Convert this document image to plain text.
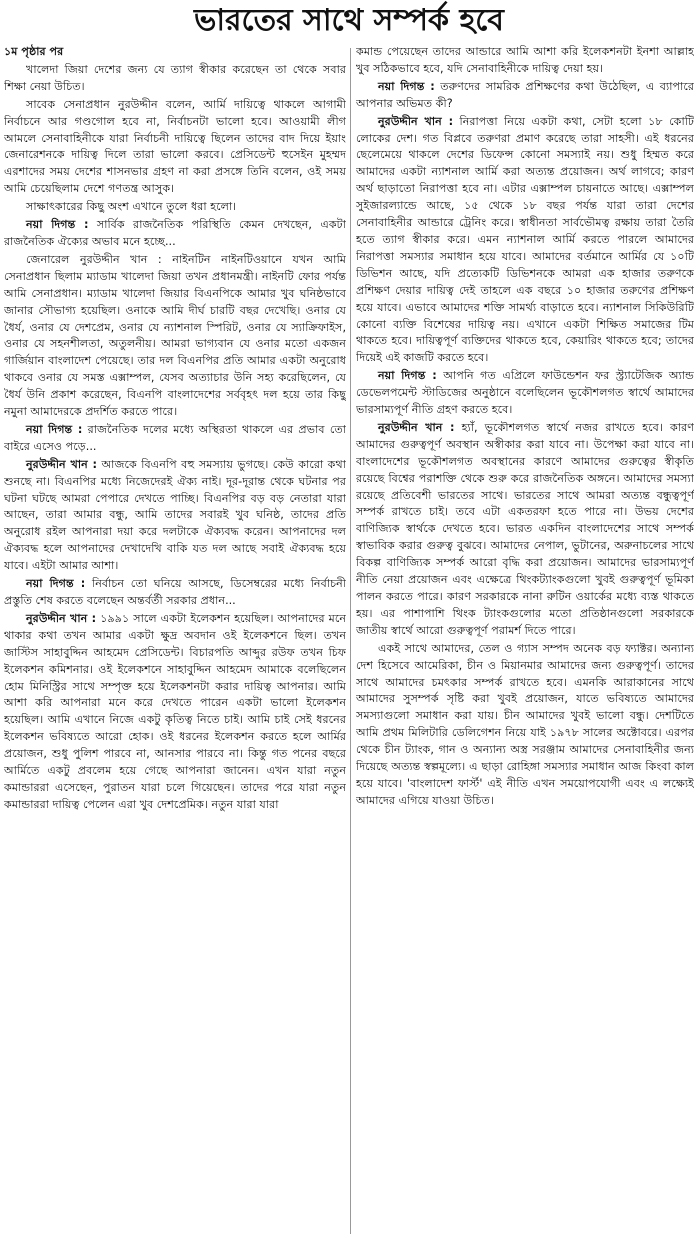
ভারতের সাথে সম্পর্ক হবে

১ম পৃষ্ঠার পর

খালেদা জিয়া দেশের জন্য যে ত্যাগ স্বীকার করেছেন তা থেকে সবার শিক্ষা নেয়া উচিত।

সাবেক সেনাপ্রধান নুরউদ্দীন বলেন, আর্মি দায়িত্বে থাকলে আগামী নির্বাচনে আর গণ্ডগোল হবে না, নির্বাচনটা ভালো হবে। আওয়ামী লীগ আমলে সেনাবাহিনীকে যারা নির্বাচনী দায়িত্বে ছিলেন তাদের বাদ দিয়ে ইয়াং জেনারেশনকে দায়িত্ব দিলে তারা ভালো করবে। প্রেসিডেন্ট হুসেইন মুহম্মদ এরশাদের সময় দেশের শাসনভার গ্রহণ না করা প্রসঙ্গে তিনি বলেন, ওই সময় আমি চেয়েছিলাম দেশে গণতন্ত্র আসুক।

সাক্ষাৎকারের কিছু অংশ এখানে তুলে ধরা হলো।

নয়া দিগন্ত : সার্বিক রাজনৈতিক পরিস্থিতি কেমন দেখছেন, একটা রাজনৈতিক ঐক্যের অভাব মনে হচ্ছে...

জেনারেল নুরউদ্দীন খান : নাইনটিন নাইনটিওয়ানে যখন আমি সেনাপ্রধান ছিলাম ম্যাডাম খালেদা জিয়া তখন প্রধানমন্ত্রী। নাইনটি ফোর পর্যন্ত আমি সেনাপ্রধান। ম্যাডাম খালেদা জিয়ার বিএনপিকে আমার খুব ঘনিষ্ঠভাবে জানার সৌভাগ্য হয়েছিল। ওনাকে আমি দীর্ঘ চারটি বছর দেখেছি। ওনার যে ধৈর্য, ওনার যে দেশপ্রেম, ওনার যে ন্যাশনাল স্পিরিট, ওনার যে স্যাক্রিফাইস, ওনার যে সহনশীলতা, অতুলনীয়। আমরা ভাগ্যবান যে ওনার মতো একজন গার্জিয়ান বাংলাদেশ পেয়েছে। তার দল বিএনপির প্রতি আমার একটা অনুরোধ থাকবে ওনার যে সমস্ত এক্সাম্পল, যেসব অত্যাচার উনি সহ্য করেছিলেন, যে ধৈর্য উনি প্রকাশ করেছেন, বিএনপি বাংলাদেশের সর্ববৃহৎ দল হয়ে তার কিছু নমুনা আমাদেরকে প্রদর্শিত করতে পারে।

নয়া দিগন্ত : রাজনৈতিক দলের মধ্যে অস্থিরতা থাকলে এর প্রভাব তো বাইরে এসেও পড়ে...

নুরউদ্দীন খান : আজকে বিএনপি বহু সমস্যায় ভুগছে। কেউ কারো কথা শুনছে না। বিএনপির মধ্যে নিজেদেরই ঐক্য নাই। দূর-দূরান্ত থেকে ঘটনার পর ঘটনা ঘটছে আমরা পেপারে দেখতে পাচ্ছি। বিএনপির বড় বড় নেতারা যারা আছেন, তারা আমার বন্ধু, আমি তাদের সবারই খুব ঘনিষ্ঠ, তাদের প্রতি অনুরোধ রইল আপনারা দয়া করে দলটাকে ঐক্যবদ্ধ করেন। আপনাদের দল ঐক্যবদ্ধ হলে আপনাদের দেখাদেখি বাকি যত দল আছে সবাই ঐক্যবদ্ধ হয়ে যাবে। এইটা আমার আশা।

নয়া দিগন্ত : নির্বাচন তো ঘনিয়ে আসছে, ডিসেম্বরের মধ্যে নির্বাচনী প্রস্তুতি শেষ করতে বলেছেন অন্তর্বর্তী সরকার প্রধান...

নুরউদ্দীন খান : ১৯৯১ সালে একটা ইলেকশন হয়েছিল। আপনাদের মনে থাকার কথা তখন আমার একটা ক্ষুদ্র অবদান ওই ইলেকশনে ছিল। তখন জাস্টিস সাহাবুদ্দিন আহমেদ প্রেসিডেন্ট। বিচারপতি আব্দুর রউফ তখন চিফ ইলেকশন কমিশনার। ওই ইলেকশনে সাহাবুদ্দিন আহমেদ আমাকে বলেছিলেন হোম মিনিস্ট্রির সাথে সম্পৃক্ত হয়ে ইলেকশনটা করার দায়িত্ব আপনার। আমি আশা করি আপনারা মনে করে দেখতে পারেন একটা ভালো ইলেকশন হয়েছিল। আমি এখানে নিজে একটু কৃতিত্ব নিতে চাই। আমি চাই সেই ধরনের ইলেকশন ভবিষ্যতে আরো হোক। ওই ধরনের ইলেকশন করতে হলে আর্মির প্রয়োজন, শুধু পুলিশ পারবে না, আনসার পারবে না। কিন্তু গত পনের বছরে আর্মিতে একটু প্রবলেম হয়ে গেছে আপনারা জানেন। এখন যারা নতুন কমান্ডাররা এসেছেন, পুরাতন যারা চলে গিয়েছেন। তাদের পরে যারা নতুন কমান্ডাররা দায়িত্ব পেলেন এরা খুব দেশপ্রেমিক। নতুন যারা যারা

কমান্ড পেয়েছেন তাদের আন্ডারে আমি আশা করি ইলেকশনটা ইনশা আল্লাহ খুব সঠিকভাবে হবে, যদি সেনাবাহিনীকে দায়িত্ব দেয়া হয়।

নয়া দিগন্ত : তরুণদের সামরিক প্রশিক্ষণের কথা উঠেছিল, এ ব্যাপারে আপনার অভিমত কী?

নুরউদ্দীন খান : নিরাপত্তা নিয়ে একটা কথা, সেটা হলো ১৮ কোটি লোকের দেশ। গত বিপ্লবে তরুণরা প্রমাণ করেছে তারা সাহসী। এই ধরনের ছেলেমেয়ে থাকলে দেশের ডিফেন্স কোনো সমস্যাই নয়। শুধু হিম্মত করে আমাদের একটা ন্যাশনাল আর্মি করা অত্যন্ত প্রয়োজন। অর্থ লাগবে; কারণ অর্থ ছাড়াতো নিরাপত্তা হবে না। এটার এক্সাম্পল চায়নাতে আছে। এক্সাম্পল সুইজারল্যান্ডে আছে, ১৫ থেকে ১৮ বছর পর্যন্ত যারা তারা দেশের সেনাবাহিনীর আন্ডারে ট্রেনিং করে। স্বাধীনতা সার্বভৌমত্ব রক্ষায় তারা তৈরি হতে ত্যাগ স্বীকার করে। এমন ন্যাশনাল আর্মি করতে পারলে আমাদের নিরাপত্তা সমস্যার সমাধান হয়ে যাবে। আমাদের বর্তমানে আর্মির যে ১০টি ডিভিশন আছে, যদি প্রত্যেকটি ডিভিশনকে আমরা এক হাজার তরুণকে প্রশিক্ষণ দেয়ার দায়িত্ব দেই তাহলে এক বছরে ১০ হাজার তরুণের প্রশিক্ষণ হয়ে যাবে। এভাবে আমাদের শক্তি সামর্থ্য বাড়াতে হবে। ন্যাশনাল সিকিউরিটি কোনো ব্যক্তি বিশেষের দায়িত্ব নয়। এখানে একটা শিক্ষিত সমাজের টিম থাকতে হবে। দায়িত্বপূর্ণ ব্যক্তিদের থাকতে হবে, কেয়ারিং থাকতে হবে; তাদের দিয়েই এই কাজটি করতে হবে।

নয়া দিগন্ত : আপনি গত এপ্রিলে ফাউন্ডেশন ফর স্ট্র্যাটেজিক অ্যান্ড ডেভেলপমেন্ট স্টাডিজের অনুষ্ঠানে বলেছিলেন ভূকৌশলগত স্বার্থে আমাদের ভারসাম্যপূর্ণ নীতি গ্রহণ করতে হবে।

নুরউদ্দীন খান : হ্যাঁ, ভূকৌশলগত স্বার্থে নজর রাখতে হবে। কারণ আমাদের গুরুত্বপূর্ণ অবস্থান অস্বীকার করা যাবে না। উপেক্ষা করা যাবে না। বাংলাদেশের ভূকৌশলগত অবস্থানের কারণে আমাদের গুরুত্বের স্বীকৃতি রয়েছে বিশ্বের পরাশক্তি থেকে শুরু করে রাজনৈতিক অঙ্গনে। আমাদের সমস্যা রয়েছে প্রতিবেশী ভারতের সাথে। ভারতের সাথে আমরা অত্যন্ত বন্ধুত্বপূর্ণ সম্পর্ক রাখতে চাই। তবে এটা একতরফা হতে পারে না। উভয় দেশের বাণিজ্যিক স্বার্থকে দেখতে হবে। ভারত একদিন বাংলাদেশের সাথে সম্পর্ক স্বাভাবিক করার গুরুত্ব বুঝবে। আমাদের নেপাল, ভুটানের, অরুনাচলের সাথে বিকল্প বাণিজ্যিক সম্পর্ক আরো বৃদ্ধি করা প্রয়োজন। আমাদের ভারসাম্যপূর্ণ নীতি নেয়া প্রয়োজন এবং এক্ষেত্রে থিংকট্যাংকগুলো খুবই গুরুত্বপূর্ণ ভূমিকা পালন করতে পারে। কারণ সরকারকে নানা রুটিন ওয়ার্কের মধ্যে ব্যস্ত থাকতে হয়। এর পাশাপাশি থিংক ট্যাংকগুলোর মতো প্রতিষ্ঠানগুলো সরকারকে জাতীয় স্বার্থে আরো গুরুত্বপূর্ণ পরামর্শ দিতে পারে।

একই সাথে আমাদের, তেল ও গ্যাস সম্পদ অনেক বড় ফ্যাক্টর। অন্যান্য দেশ হিসেবে আমেরিকা, চীন ও মিয়ানমার আমাদের জন্য গুরুত্বপূর্ণ। তাদের সাথে আমাদের চমৎকার সম্পর্ক রাখতে হবে। এমনকি আরাকানের সাথে আমাদের সুসম্পর্ক সৃষ্টি করা খুবই প্রয়োজন, যাতে ভবিষ্যতে আমাদের সমস্যাগুলো সমাধান করা যায়। চীন আমাদের খুবই ভালো বন্ধু। দেশটিতে আমি প্রথম মিলিটারি ডেলিগেশন নিয়ে যাই ১৯৭৮ সালের অক্টোবরে। এরপর থেকে চীন ট্যাংক, গান ও অন্যান্য অস্ত্র সরঞ্জাম আমাদের সেনাবাহিনীর জন্য দিয়েছে অত্যন্ত স্বল্পমূল্যে। এ ছাড়া রোহিঙ্গা সমস্যার সমাধান আজ কিংবা কাল হয়ে যাবে। 'বাংলাদেশ ফার্স্ট' এই নীতি এখন সময়োপযোগী এবং এ লক্ষ্যেই আমাদের এগিয়ে যাওয়া উচিত।
